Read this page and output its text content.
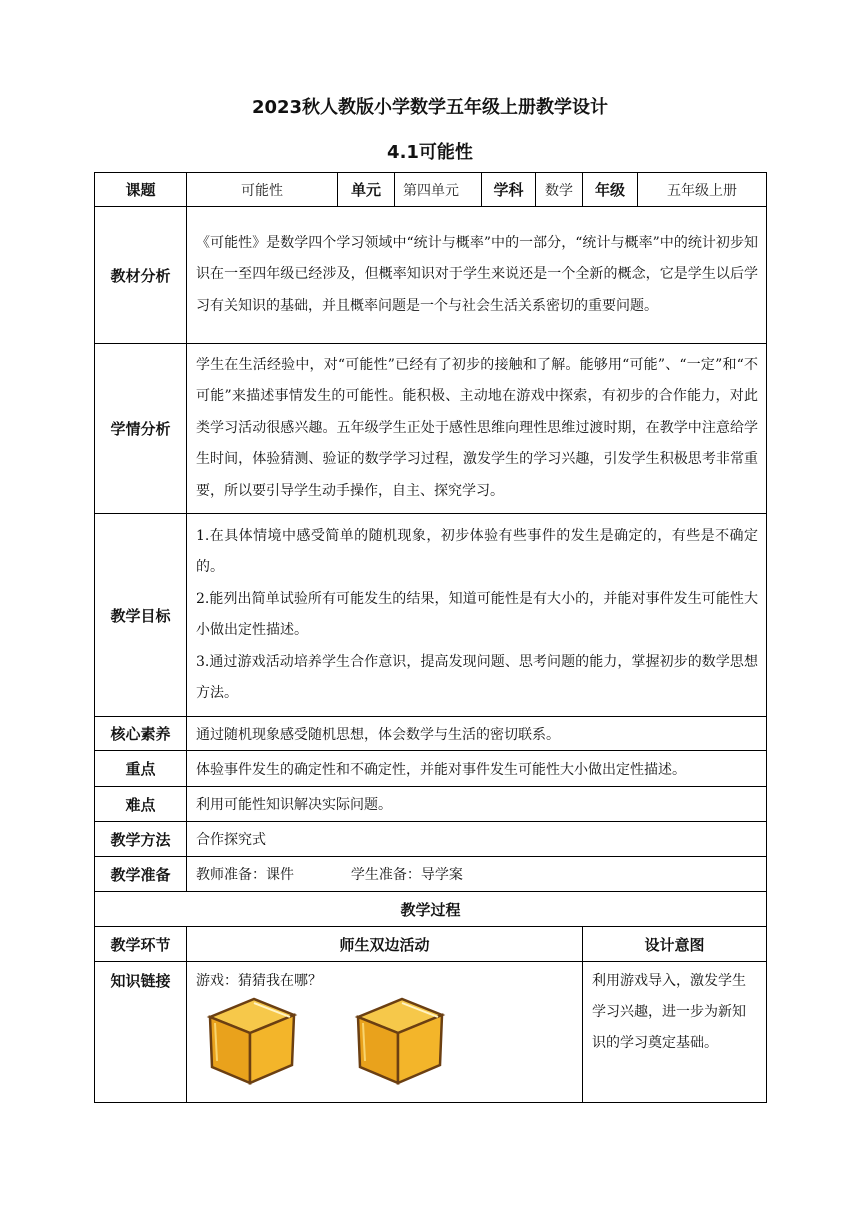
2023秋人教版小学数学五年级上册教学设计
4.1可能性
课题	可能性	单元	第四单元	学科	数学	年级	五年级上册
教材分析	《可能性》是数学四个学习领域中“统计与概率”中的一部分，“统计与概率”中的统计初步知识在一至四年级已经涉及，但概率知识对于学生来说还是一个全新的概念，它是学生以后学习有关知识的基础，并且概率问题是一个与社会生活关系密切的重要问题。						
学情分析	学生在生活经验中，对“可能性”已经有了初步的接触和了解。能够用“可能”、“一定”和“不可能”来描述事情发生的可能性。能积极、主动地在游戏中探索，有初步的合作能力，对此类学习活动很感兴趣。五年级学生正处于感性思维向理性思维过渡时期，在教学中注意给学生时间，体验猜测、验证的数学学习过程，激发学生的学习兴趣，引发学生积极思考非常重要，所以要引导学生动手操作，自主、探究学习。						
教学目标	1.在具体情境中感受简单的随机现象，初步体验有些事件的发生是确定的，有些是不确定的。

2.能列出简单试验所有可能发生的结果，知道可能性是有大小的，并能对事件发生可能性大小做出定性描述。

3.通过游戏活动培养学生合作意识，提高发现问题、思考问题的能力，掌握初步的数学思想方法。						

核心素养	通过随机现象感受随机思想，体会数学与生活的密切联系。						
重点	体验事件发生的确定性和不确定性，并能对事件发生可能性大小做出定性描述。						
难点	利用可能性知识解决实际问题。						
教学方法	合作探究式						
教学准备	教师准备：课件 学生准备：导学案						
教学过程							
教学环节	师生双边活动					设计意图	

知识链接	游戏：猜猜我在哪？					利用游戏导入，激发学生学习兴趣，进一步为新知识的学习奠定基础。	
